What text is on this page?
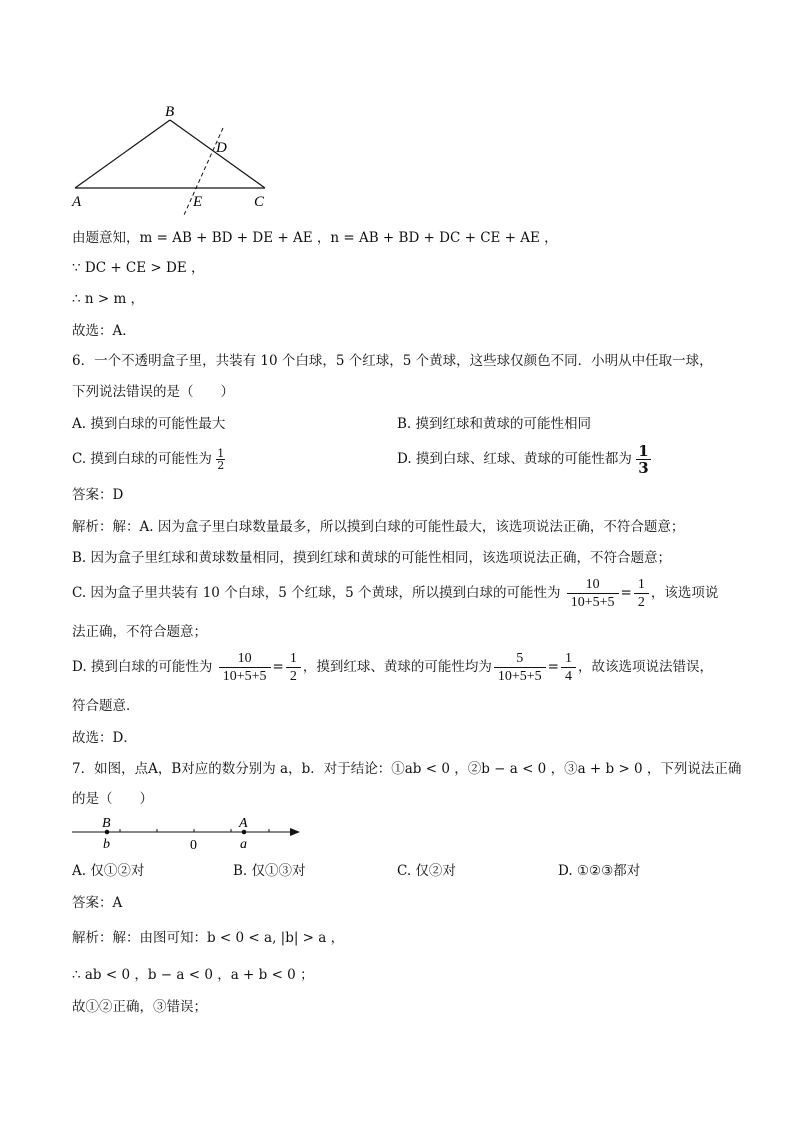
B
D
A	E	C
由题意知，m = AB + BD + DE + AE ，n = AB + BD + DC + CE + AE ，
∵ DC + CE > DE ，
∴ n > m ，
故选：A．
6．一个不透明盒子里，共装有 10 个白球，5 个红球，5 个黄球，这些球仅颜色不同．小明从中任取一球，
下列说法错误的是（　　）
A. 摸到白球的可能性最大	B. 摸到红球和黄球的可能性相同
C. 摸到白球的可能性为 $\frac{1}{2}$	D. 摸到白球、红球、黄球的可能性都为 $\frac{1}{3}$
答案：D
解析：解：A. 因为盒子里白球数量最多，所以摸到白球的可能性最大，该选项说法正确，不符合题意；
B. 因为盒子里红球和黄球数量相同，摸到红球和黄球的可能性相同，该选项说法正确，不符合题意；
C. 因为盒子里共装有 10 个白球，5 个红球，5 个黄球，所以摸到白球的可能性为 $\frac{10}{10+5+5} = \frac{1}{2}$ ，该选项说
法正确，不符合题意；
D. 摸到白球的可能性为 $\frac{10}{10+5+5} = \frac{1}{2}$ ，摸到红球、黄球的可能性均为 $\frac{5}{10+5+5} = \frac{1}{4}$ ，故该选项说法错误，
符合题意．
故选：D．
7．如图，点A，B对应的数分别为 a，b．对于结论：①ab < 0 ，②b − a < 0 ，③a + b > 0 ，下列说法正确
的是（　　）
B
b	0
A
a
A. 仅①②对	B. 仅①③对	C. 仅②对	D. ①②③都对
答案：A
解析：解：由图可知：b < 0 < a, |b| > a ，
∴ ab < 0 ，b − a < 0 ，a + b < 0 ；
故①②正确，③错误；
